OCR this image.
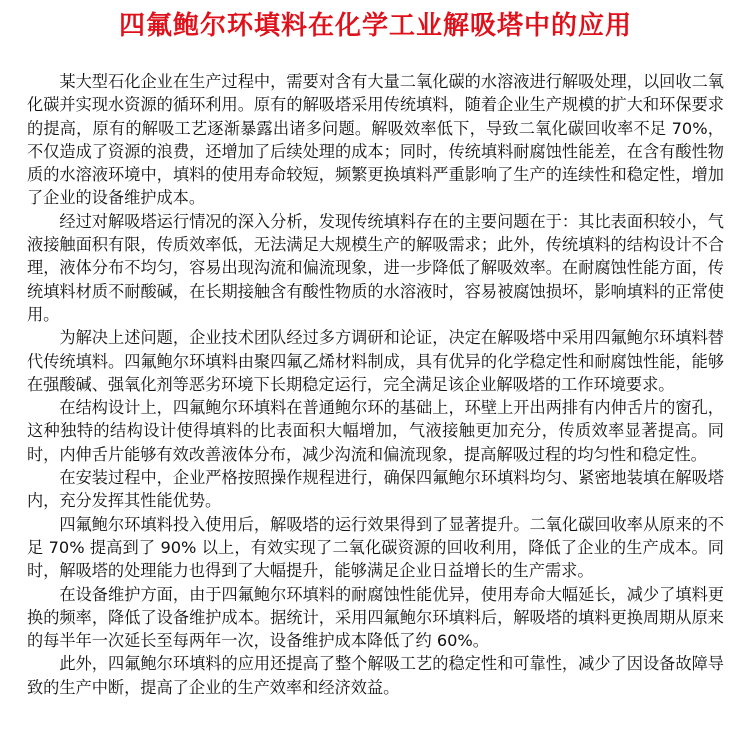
四氟鲍尔环填料在化学工业解吸塔中的应用

某大型石化企业在生产过程中，需要对含有大量二氧化碳的水溶液进行解吸处理，以回收二氧化碳并实现水资源的循环利用。原有的解吸塔采用传统填料，随着企业生产规模的扩大和环保要求的提高，原有的解吸工艺逐渐暴露出诸多问题。解吸效率低下，导致二氧化碳回收率不足 70%，不仅造成了资源的浪费，还增加了后续处理的成本；同时，传统填料耐腐蚀性能差，在含有酸性物质的水溶液环境中，填料的使用寿命较短，频繁更换填料严重影响了生产的连续性和稳定性，增加了企业的设备维护成本。

经过对解吸塔运行情况的深入分析，发现传统填料存在的主要问题在于：其比表面积较小，气液接触面积有限，传质效率低，无法满足大规模生产的解吸需求；此外，传统填料的结构设计不合理，液体分布不均匀，容易出现沟流和偏流现象，进一步降低了解吸效率。在耐腐蚀性能方面，传统填料材质不耐酸碱，在长期接触含有酸性物质的水溶液时，容易被腐蚀损坏，影响填料的正常使用。

为解决上述问题，企业技术团队经过多方调研和论证，决定在解吸塔中采用四氟鲍尔环填料替代传统填料。四氟鲍尔环填料由聚四氟乙烯材料制成，具有优异的化学稳定性和耐腐蚀性能，能够在强酸碱、强氧化剂等恶劣环境下长期稳定运行，完全满足该企业解吸塔的工作环境要求。

在结构设计上，四氟鲍尔环填料在普通鲍尔环的基础上，环壁上开出两排有内伸舌片的窗孔，这种独特的结构设计使得填料的比表面积大幅增加，气液接触更加充分，传质效率显著提高。同时，内伸舌片能够有效改善液体分布，减少沟流和偏流现象，提高解吸过程的均匀性和稳定性。

在安装过程中，企业严格按照操作规程进行，确保四氟鲍尔环填料均匀、紧密地装填在解吸塔内，充分发挥其性能优势。

四氟鲍尔环填料投入使用后，解吸塔的运行效果得到了显著提升。二氧化碳回收率从原来的不足 70% 提高到了 90% 以上，有效实现了二氧化碳资源的回收利用，降低了企业的生产成本。同时，解吸塔的处理能力也得到了大幅提升，能够满足企业日益增长的生产需求。

在设备维护方面，由于四氟鲍尔环填料的耐腐蚀性能优异，使用寿命大幅延长，减少了填料更换的频率，降低了设备维护成本。据统计，采用四氟鲍尔环填料后，解吸塔的填料更换周期从原来的每半年一次延长至每两年一次，设备维护成本降低了约 60%。

此外，四氟鲍尔环填料的应用还提高了整个解吸工艺的稳定性和可靠性，减少了因设备故障导致的生产中断，提高了企业的生产效率和经济效益。
